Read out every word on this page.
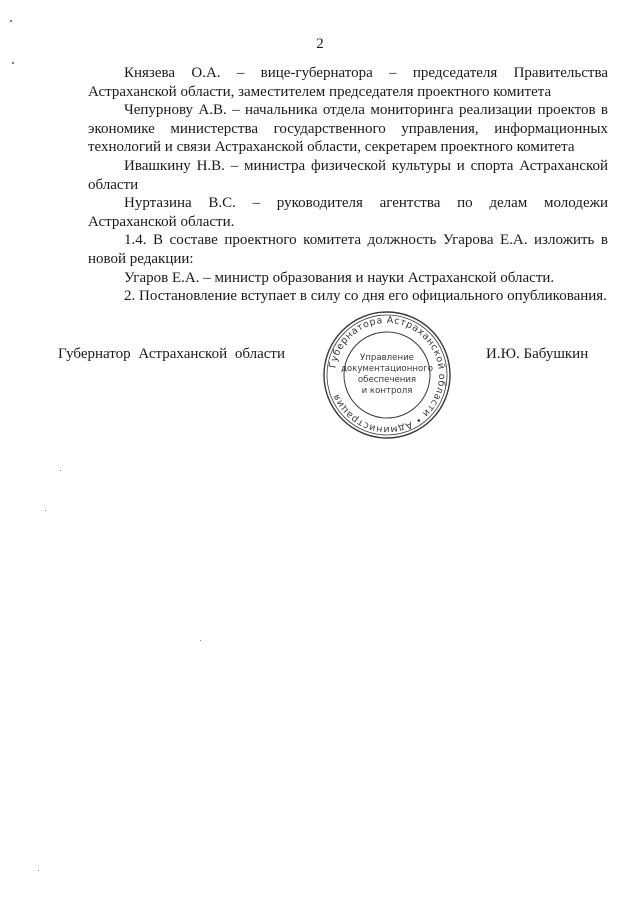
2

Князева О.А. – вице-губернатора – председателя Правительства Астраханской области, заместителем председателя проектного комитета

Чепурнову А.В. – начальника отдела мониторинга реализации проектов в экономике министерства государственного управления, информационных технологий и связи Астраханской области, секретарем проектного комитета

Ивашкину Н.В. – министра физической культуры и спорта Астраханской области

Нуртазина В.С. – руководителя агентства по делам молодежи Астраханской области.

1.4. В составе проектного комитета должность Угарова Е.А. изложить в новой редакции:

Угаров Е.А. – министр образования и науки Астраханской области.

2. Постановление вступает в силу со дня его официального опубликования.

Губернатор Астраханской области	И.Ю. Бабушкин
Губернатора Астраханской области • Администрация
Управление
документационного
обеспечения
и контроля
